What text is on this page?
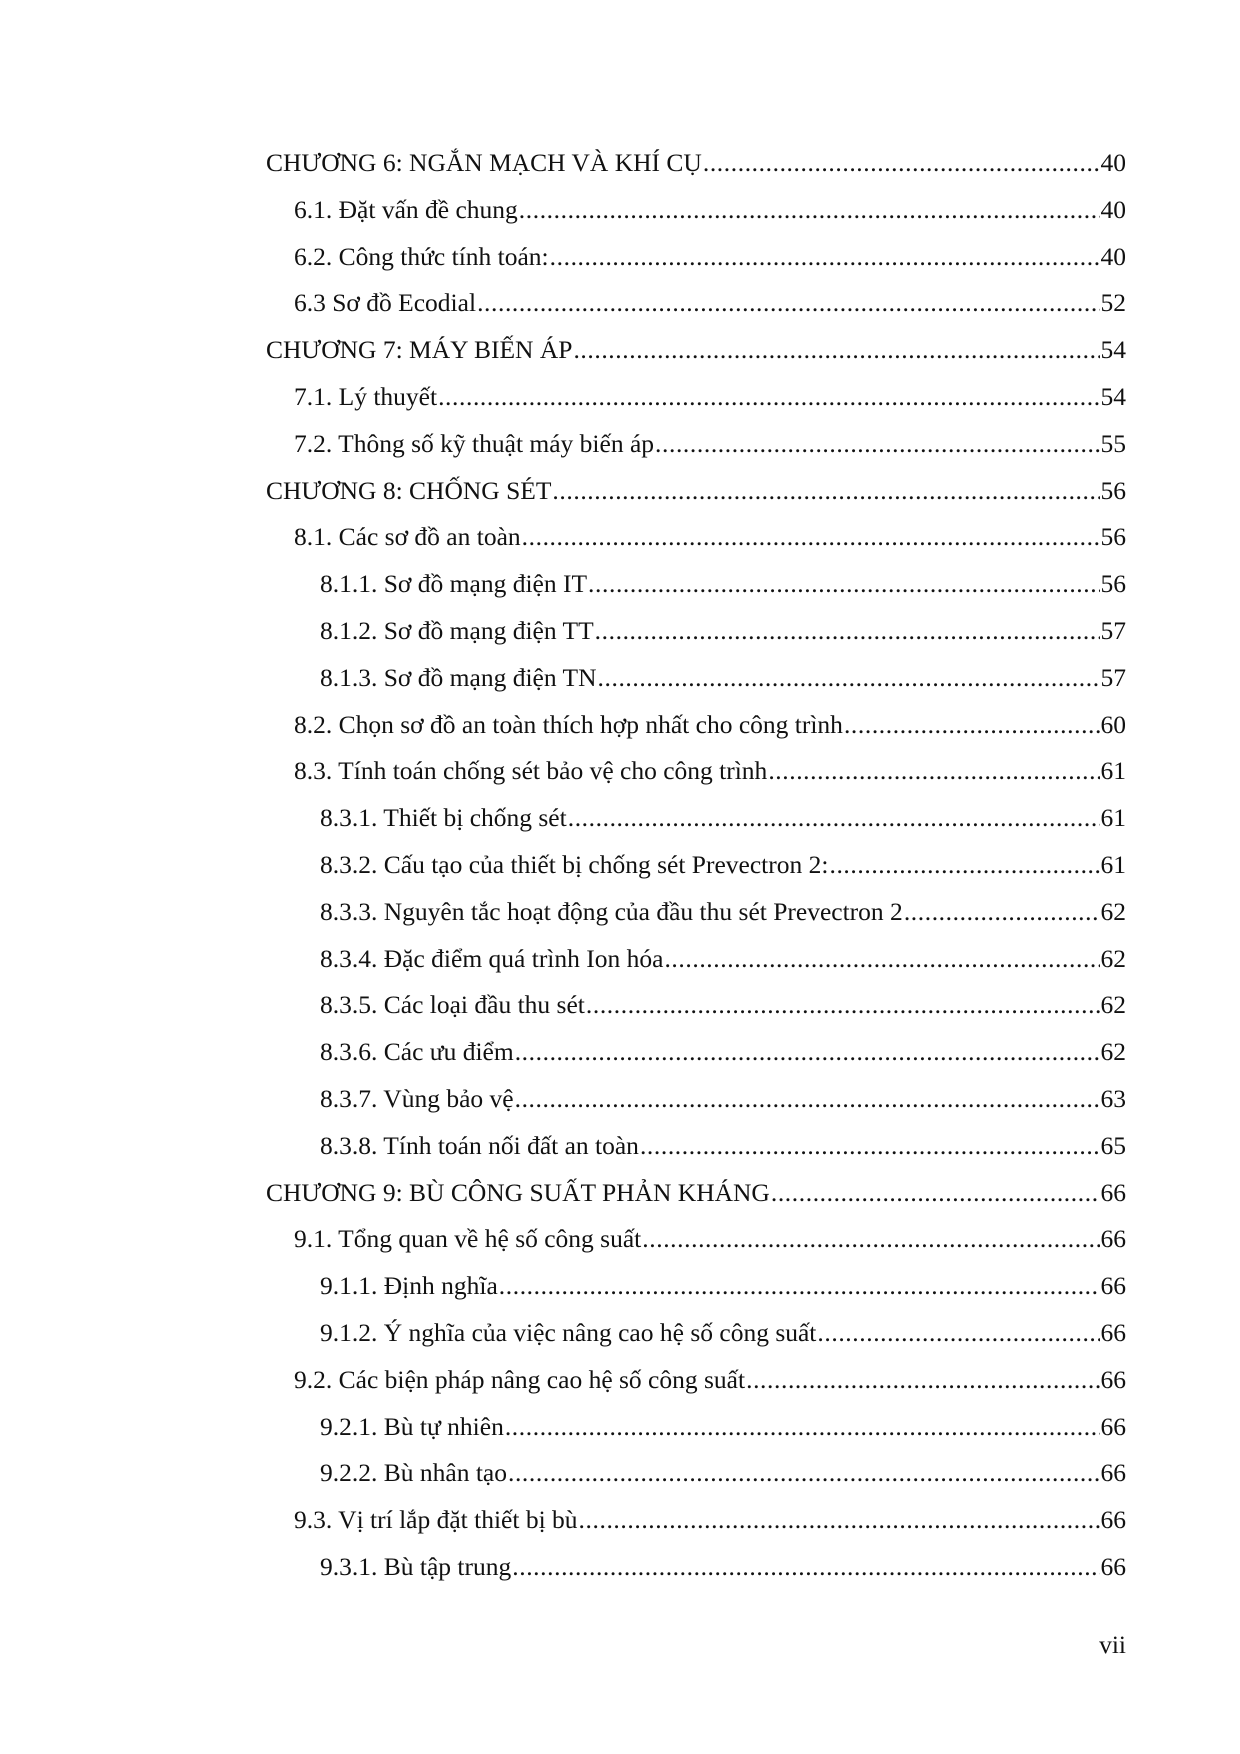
CHƯƠNG 6: NGẮN MẠCH VÀ KHÍ CỤ .....	40
6.1. Đặt vấn đề chung .....	40
6.2. Công thức tính toán: .....	40
6.3 Sơ đồ Ecodial .....	52
CHƯƠNG 7: MÁY BIẾN ÁP .....	54
7.1. Lý thuyết .....	54
7.2. Thông số kỹ thuật máy biến áp .....	55
CHƯƠNG 8: CHỐNG SÉT .....	56
8.1. Các sơ đồ an toàn .....	56
8.1.1. Sơ đồ mạng điện IT .....	56
8.1.2. Sơ đồ mạng điện TT .....	57
8.1.3. Sơ đồ mạng điện TN .....	57
8.2. Chọn sơ đồ an toàn thích hợp nhất cho công trình .....	60
8.3. Tính toán chống sét bảo vệ cho công trình .....	61
8.3.1. Thiết bị chống sét .....	61
8.3.2. Cấu tạo của thiết bị chống sét Prevectron 2: .....	61
8.3.3. Nguyên tắc hoạt động của đầu thu sét Prevectron 2 .....	62
8.3.4. Đặc điểm quá trình Ion hóa .....	62
8.3.5. Các loại đầu thu sét .....	62
8.3.6. Các ưu điểm .....	62
8.3.7. Vùng bảo vệ .....	63
8.3.8. Tính toán nối đất an toàn .....	65
CHƯƠNG 9: BÙ CÔNG SUẤT PHẢN KHÁNG .....	66
9.1. Tổng quan về hệ số công suất .....	66
9.1.1. Định nghĩa .....	66
9.1.2. Ý nghĩa của việc nâng cao hệ số công suất .....	66
9.2. Các biện pháp nâng cao hệ số công suất .....	66
9.2.1. Bù tự nhiên .....	66
9.2.2. Bù nhân tạo .....	66
9.3. Vị trí lắp đặt thiết bị bù .....	66
9.3.1. Bù tập trung .....	66
vii
